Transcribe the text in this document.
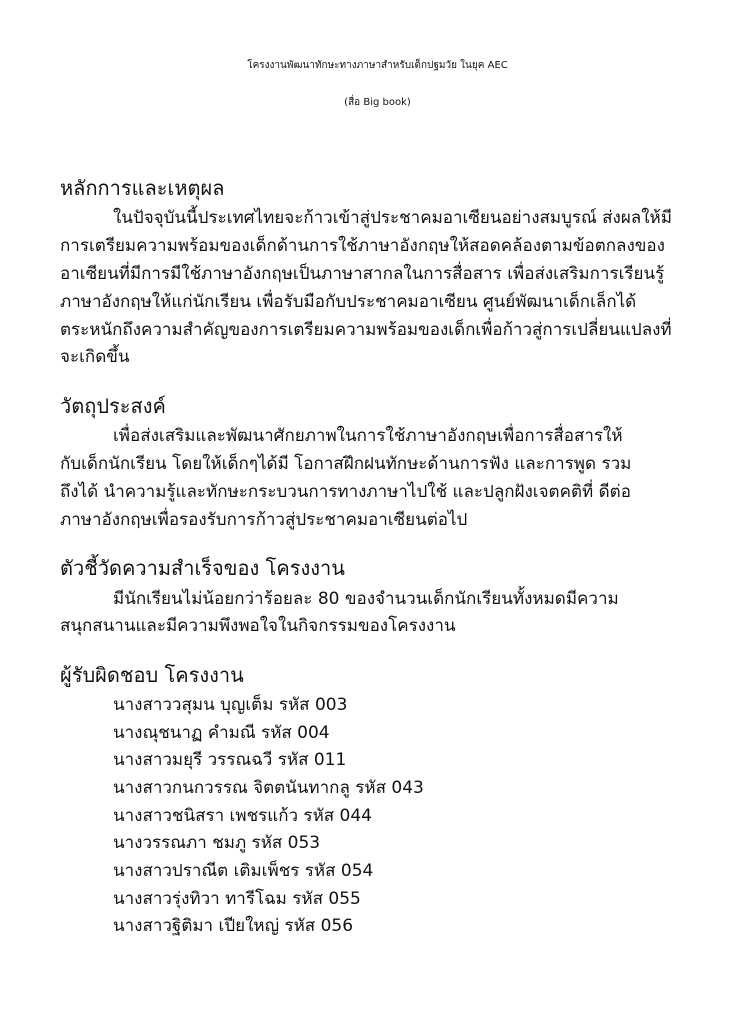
โครงงานพัฒนาทักษะทางภาษาสำหรับเด็กปฐมวัย ในยุค AEC
(สื่อ Big book)
หลักการและเหตุผล

ในปัจจุบันนี้ประเทศไทยจะก้าวเข้าสู่ประชาคมอาเซียนอย่างสมบูรณ์ ส่งผลให้มี

การเตรียมความพร้อมของเด็กด้านการใช้ภาษาอังกฤษให้สอดคล้องตามข้อตกลงของ

อาเซียนที่มีการมีใช้ภาษาอังกฤษเป็นภาษาสากลในการสื่อสาร เพื่อส่งเสริมการเรียนรู้

ภาษาอังกฤษให้แก่นักเรียน เพื่อรับมือกับประชาคมอาเซียน ศูนย์พัฒนาเด็กเล็กได้

ตระหนักถึงความสำคัญของการเตรียมความพร้อมของเด็กเพื่อก้าวสู่การเปลี่ยนแปลงที่

จะเกิดขึ้น

วัตถุประสงค์

เพื่อส่งเสริมและพัฒนาศักยภาพในการใช้ภาษาอังกฤษเพื่อการสื่อสารให้

กับเด็กนักเรียน โดยให้เด็กๆได้มี โอกาสฝึกฝนทักษะด้านการฟัง และการพูด รวม

ถึงได้ นำความรู้และทักษะกระบวนการทางภาษาไปใช้ และปลูกฝังเจตคติที่ ดีต่อ

ภาษาอังกฤษเพื่อรองรับการก้าวสู่ประชาคมอาเซียนต่อไป

ตัวชี้วัดความสำเร็จของ โครงงาน

มีนักเรียนไม่น้อยกว่าร้อยละ 80 ของจำนวนเด็กนักเรียนทั้งหมดมีความ

สนุกสนานและมีความพึงพอใจในกิจกรรมของโครงงาน

ผู้รับผิดชอบ โครงงาน

นางสาววสุมน บุญเต็ม รหัส 003

นางณุชนาฏ คำมณี รหัส 004

นางสาวมยุรี วรรณฉวี รหัส 011

นางสาวกนกวรรณ จิตตนันทากลู รหัส 043

นางสาวชนิสรา เพชรแก้ว รหัส 044

นางวรรณภา ชมภู รหัส 053

นางสาวปราณีต เติมเพ็ชร รหัส 054

นางสาวรุ่งทิวา ทารีโฉม รหัส 055

นางสาวฐิติมา เปียใหญ่ รหัส 056
